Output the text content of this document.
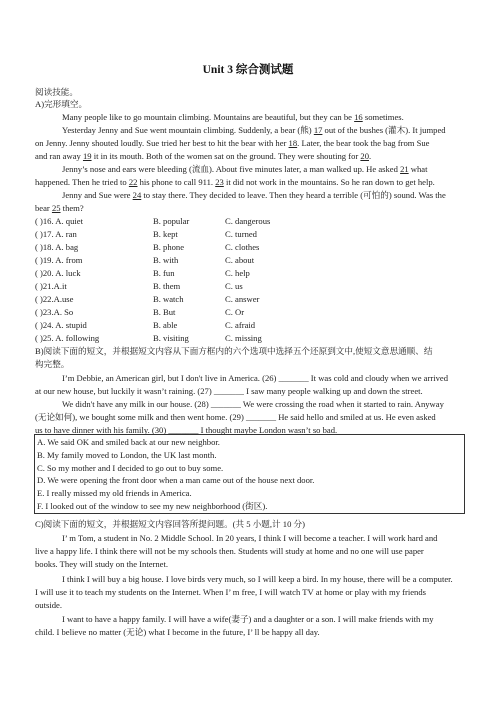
Unit 3 综合测试题
阅读技能。
A)完形填空。
Many people like to go mountain climbing. Mountains are beautiful, but they can be 16 sometimes.
Yesterday Jenny and Sue went mountain climbing. Suddenly, a bear (熊) 17 out of the bushes (灌木). It jumped
on Jenny. Jenny shouted loudly. Sue tried her best to hit the bear with her 18. Later, the bear took the bag from Sue
and ran away 19 it in its mouth. Both of the women sat on the ground. They were shouting for 20.
Jenny’s nose and ears were bleeding (流血). About five minutes later, a man walked up. He asked 21 what
happened. Then he tried to 22 his phone to call 911. 23 it did not work in the mountains. So he ran down to get help.
Jenny and Sue were 24 to stay there. They decided to leave. Then they heard a terrible (可怕的) sound. Was the
bear 25 them?
( )16. A. quiet	B. popular	C. dangerous
( )17. A. ran	B. kept	C. turned
( )18. A. bag	B. phone	C. clothes
( )19. A. from	B. with	C. about
( )20. A. luck	B. fun	C. help
( )21.A.it	B. them	C. us
( )22.A.use	B. watch	C. answer
( )23.A. So	B. But	C. Or
( )24. A. stupid	B. able	C. afraid
( )25. A. following	B. visiting	C. missing
B)阅读下面的短文，并根据短文内容从下面方框内的六个选项中选择五个还原到文中,使短文意思通顺、结
构完整。
I’m Debbie, an American girl, but I don't live in America. (26) _______ It was cold and cloudy when we arrived
at our new house, but luckily it wasn’t raining. (27) _______ I saw many people walking up and down the street.
We didn't have any milk in our house. (28) _______ We were crossing the road when it started to rain. Anyway
(无论如何), we bought some milk and then went home. (29) _______ He said hello and smiled at us. He even asked
us to have dinner with his family. (30) _______ I thought maybe London wasn’t so bad.
A. We said OK and smiled back at our new neighbor.
B. My family moved to London, the UK last month.
C. So my mother and I decided to go out to buy some.
D. We were opening the front door when a man came out of the house next door.
E. I really missed my old friends in America.
F. I looked out of the window to see my new neighborhood (街区).
C)阅读下面的短文，并根据短文内容回答所提问题。(共 5 小题,计 10 分)
I’ m Tom, a student in No. 2 Middle School. In 20 years, I think I will become a teacher. I will work hard and
live a happy life. I think there will not be my schools then. Students will study at home and no one will use paper
books. They will study on the Internet.
I think I will buy a big house. I love birds very much, so I will keep a bird. In my house, there will be a computer.
I will use it to teach my students on the Internet. When I’ m free, I will watch TV at home or play with my friends
outside.
I want to have a happy family. I will have a wife(妻子) and a daughter or a son. I will make friends with my
child. I believe no matter (无论) what I become in the future, I’ ll be happy all day.
